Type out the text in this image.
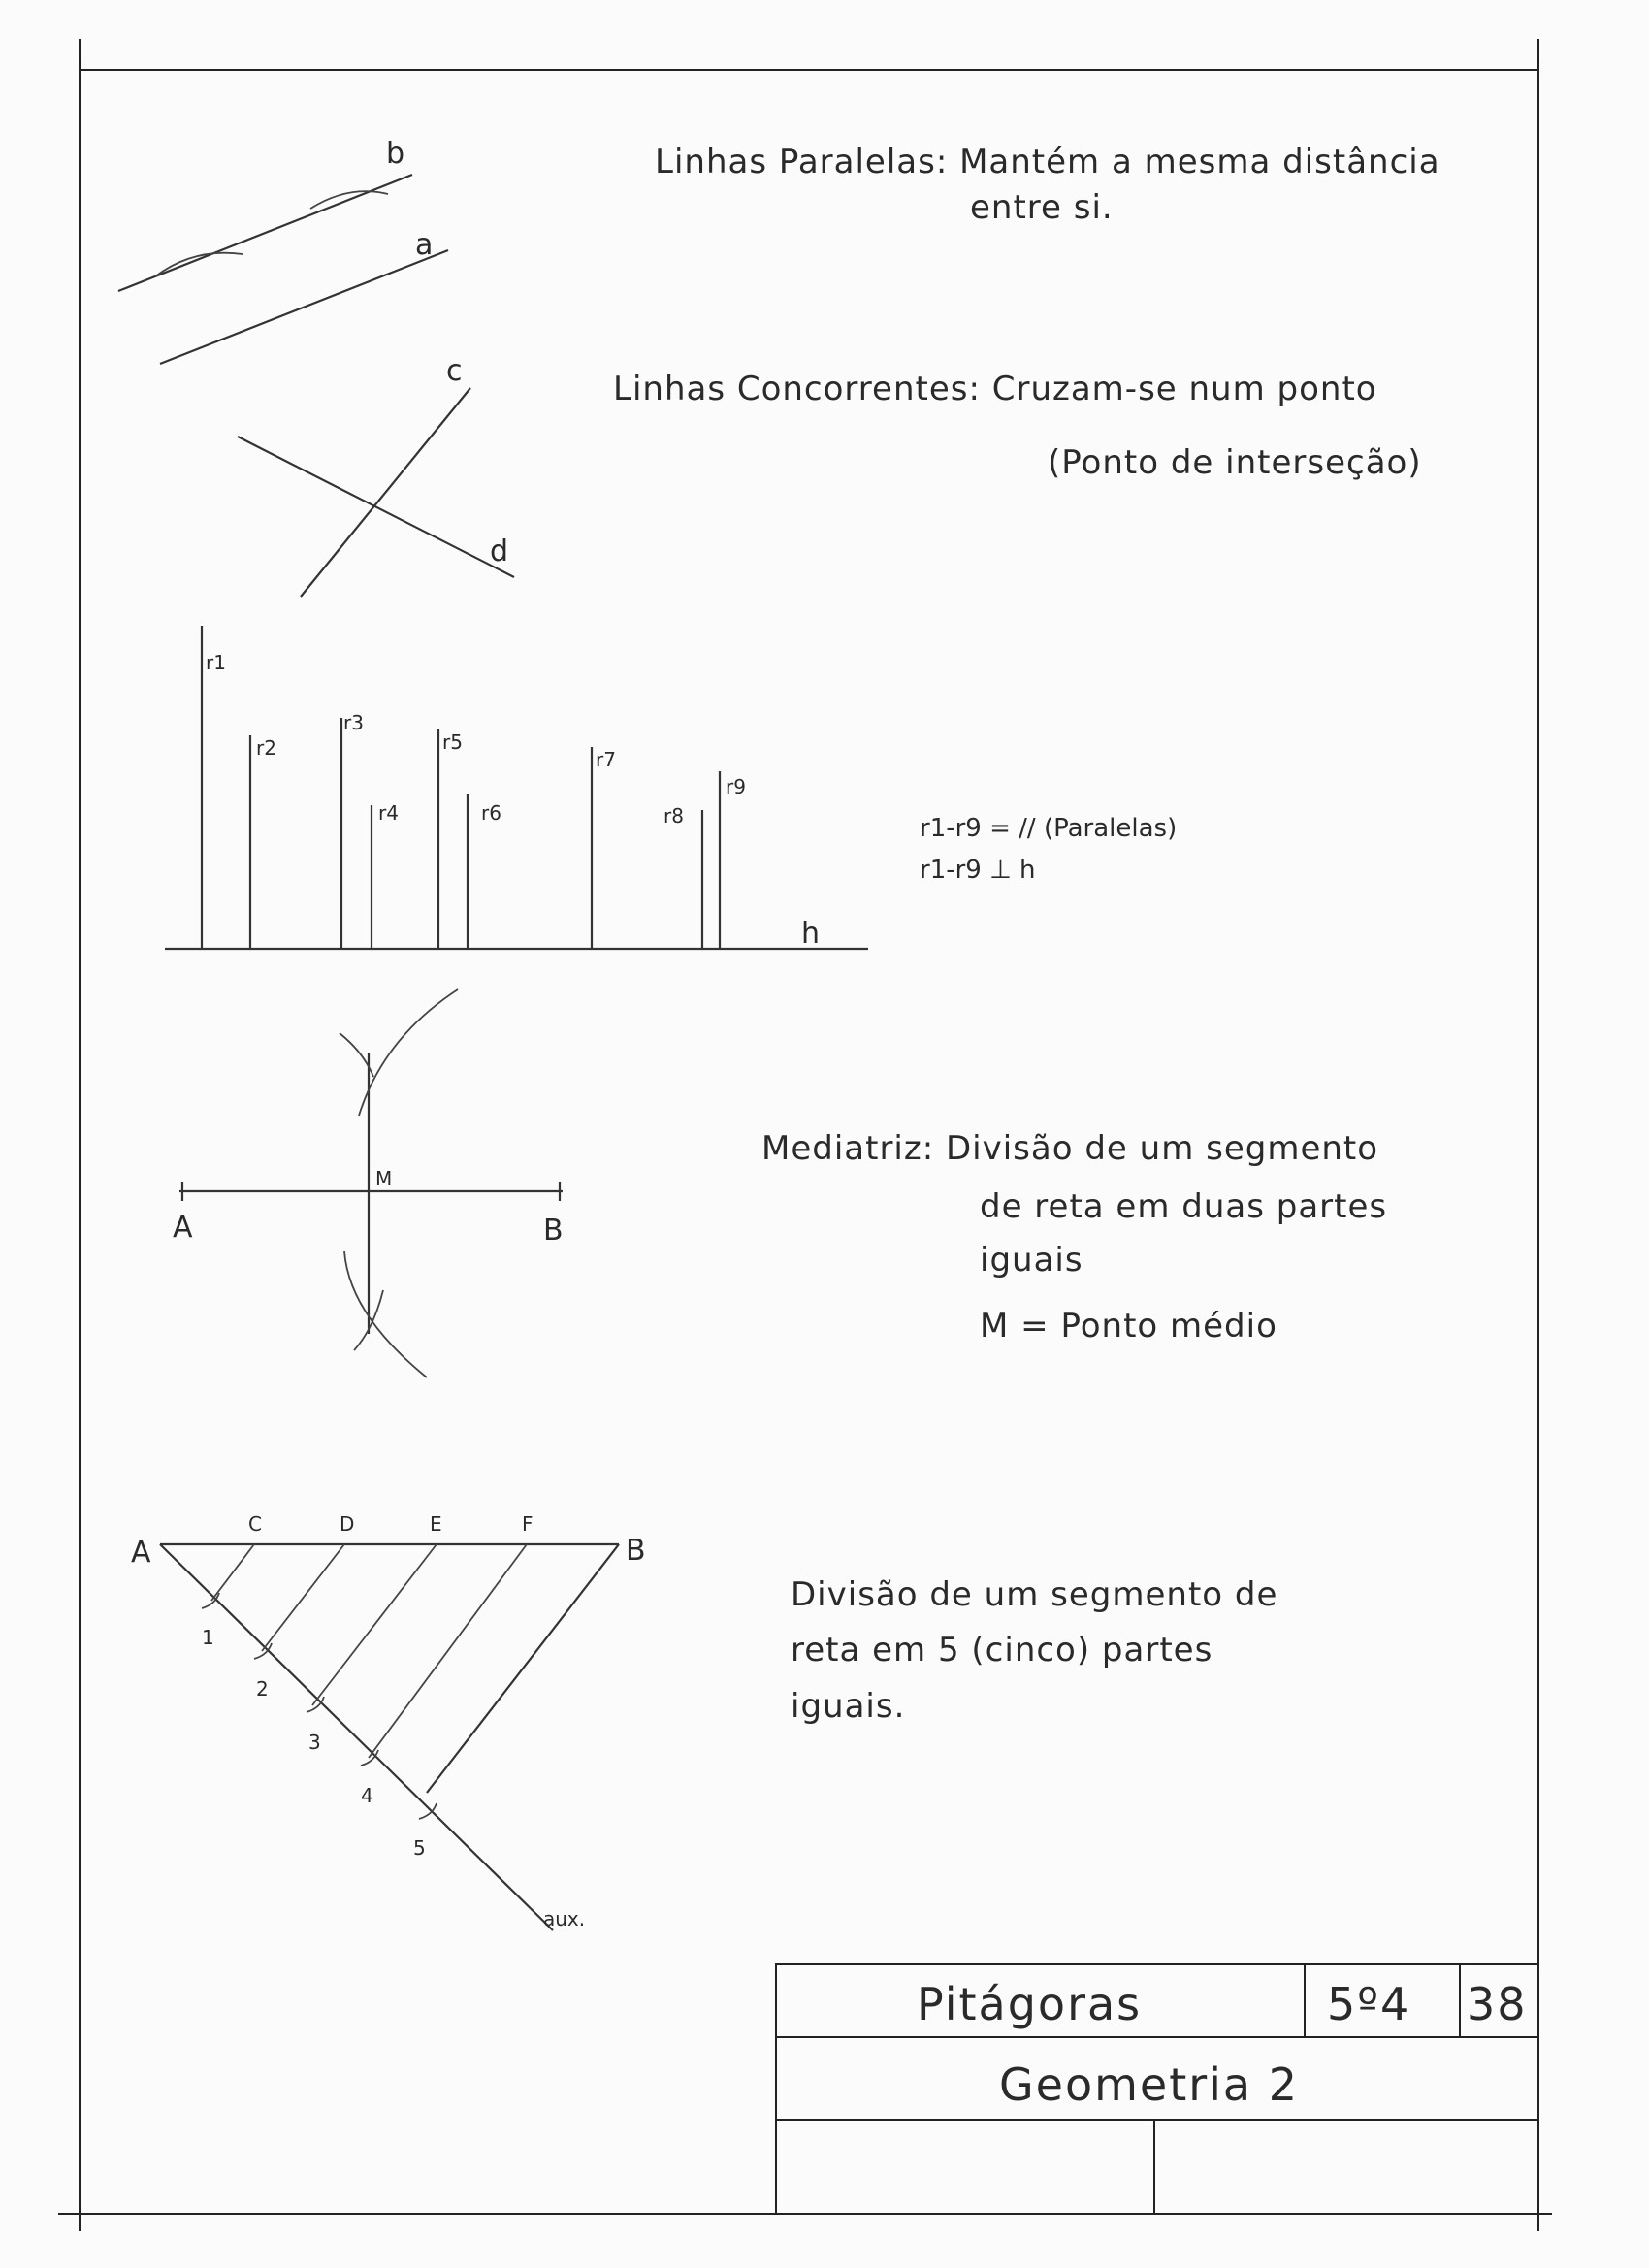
b
a
Linhas Paralelas: Mantém a mesma distância
entre si.
c
d
Linhas Concorrentes: Cruzam-se num ponto
(Ponto de interseção)
r1
r2
r3
r4
r5
r6
r7
r8
r9
h
r1-r9 = // (Paralelas)
r1-r9 ⊥ h
A	B
M
Mediatriz: Divisão de um segmento
de reta em duas partes
iguais
M = Ponto médio
A
C	D	E	F
B
1
2
3
4
5
aux.
Divisão de um segmento de
reta em 5 (cinco) partes
iguais.
Pitágoras	5º4 38
Geometria 2
